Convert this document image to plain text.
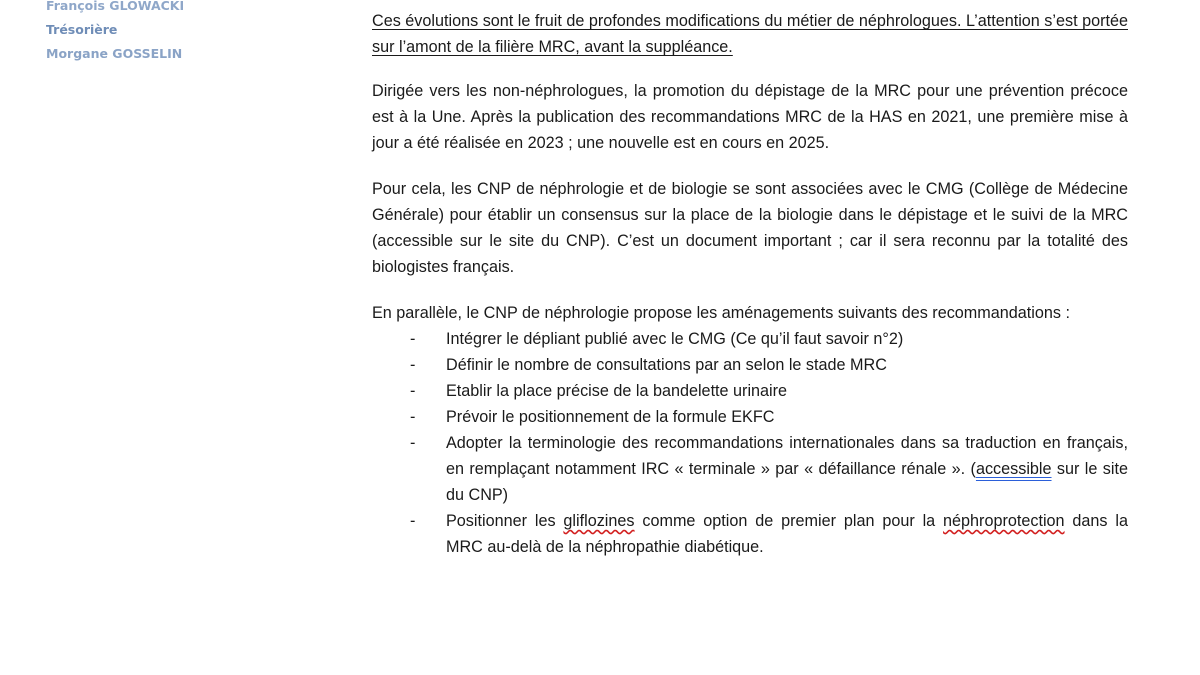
François GLOWACKI
Trésorière
Morgane GOSSELIN

Ces évolutions sont le fruit de profondes modifications du métier de néphrologues. L’attention s’est portée sur l’amont de la filière MRC, avant la suppléance.

Dirigée vers les non-néphrologues, la promotion du dépistage de la MRC pour une prévention précoce est à la Une. Après la publication des recommandations MRC de la HAS en 2021, une première mise à jour a été réalisée en 2023 ; une nouvelle est en cours en 2025.

Pour cela, les CNP de néphrologie et de biologie se sont associées avec le CMG (Collège de Médecine Générale) pour établir un consensus sur la place de la biologie dans le dépistage et le suivi de la MRC (accessible sur le site du CNP). C’est un document important ; car il sera reconnu par la totalité des biologistes français.

En parallèle, le CNP de néphrologie propose les aménagements suivants des recommandations :

- Intégrer le dépliant publié avec le CMG (Ce qu’il faut savoir n°2)
- Définir le nombre de consultations par an selon le stade MRC
- Etablir la place précise de la bandelette urinaire
- Prévoir le positionnement de la formule EKFC
- Adopter la terminologie des recommandations internationales dans sa traduction en français, en remplaçant notamment IRC « terminale » par « défaillance rénale ». (accessible sur le site du CNP)
- Positionner les gliflozines comme option de premier plan pour la néphroprotection dans la MRC au-delà de la néphropathie diabétique.
